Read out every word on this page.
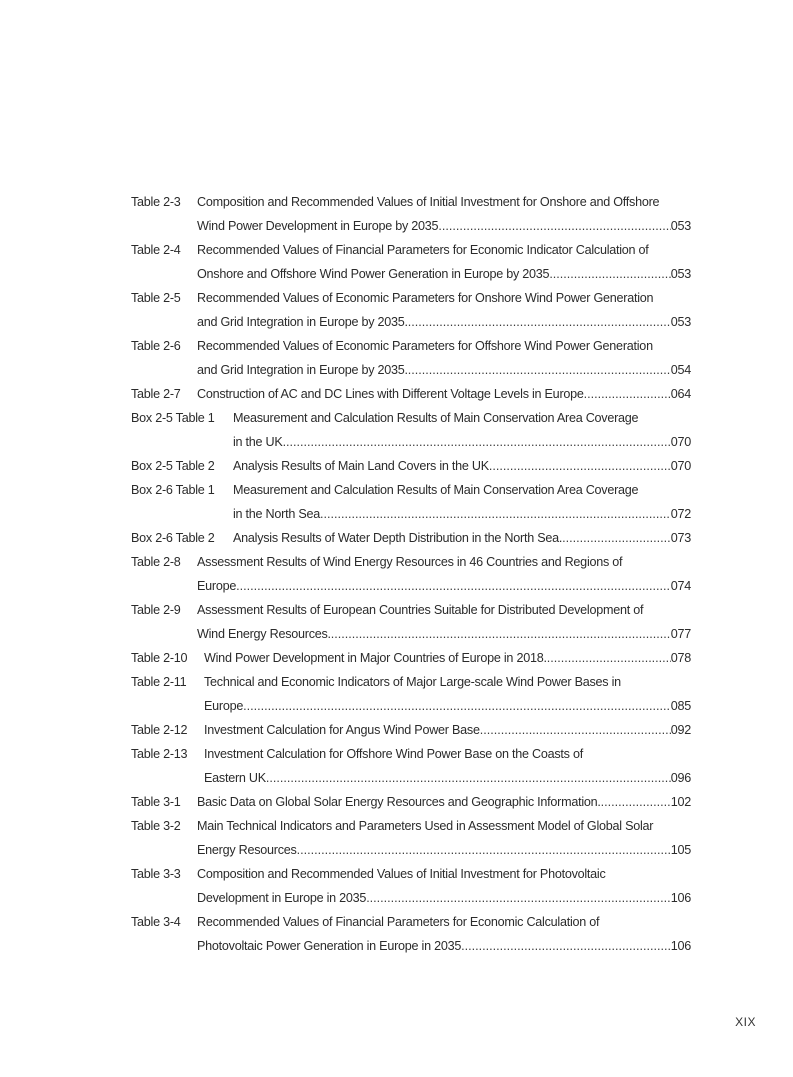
Table 2-3	Composition and Recommended Values of Initial Investment for Onshore and Offshore
Wind Power Development in Europe by 2035 .....	053
Table 2-4	Recommended Values of Financial Parameters for Economic Indicator Calculation of
Onshore and Offshore Wind Power Generation in Europe by 2035 .....	053
Table 2-5	Recommended Values of Economic Parameters for Onshore Wind Power Generation
and Grid Integration in Europe by 2035. .....	053
Table 2-6	Recommended Values of Economic Parameters for Offshore Wind Power Generation
and Grid Integration in Europe by 2035. .....	054
Table 2-7	Construction of AC and DC Lines with Different Voltage Levels in Europe .....	064
Box 2-5 Table 1	Measurement and Calculation Results of Main Conservation Area Coverage
in the UK .....	070
Box 2-5 Table 2	Analysis Results of Main Land Covers in the UK .....	070
Box 2-6 Table 1	Measurement and Calculation Results of Main Conservation Area Coverage
in the North Sea .....	072
Box 2-6 Table 2	Analysis Results of Water Depth Distribution in the North Sea. .....	073
Table 2-8	Assessment Results of Wind Energy Resources in 46 Countries and Regions of
Europe .....	074
Table 2-9	Assessment Results of European Countries Suitable for Distributed Development of
Wind Energy Resources. .....	077
Table 2-10	Wind Power Development in Major Countries of Europe in 2018. .....	078
Table 2-11	Technical and Economic Indicators of Major Large-scale Wind Power Bases in
Europe .....	085
Table 2-12	Investment Calculation for Angus Wind Power Base .....	092
Table 2-13	Investment Calculation for Offshore Wind Power Base on the Coasts of
Eastern UK .....	096
Table 3-1	Basic Data on Global Solar Energy Resources and Geographic Information. .....	102
Table 3-2	Main Technical Indicators and Parameters Used in Assessment Model of Global Solar
Energy Resources .....	105
Table 3-3	Composition and Recommended Values of Initial Investment for Photovoltaic
Development in Europe in 2035 .....	106
Table 3-4	Recommended Values of Financial Parameters for Economic Calculation of
Photovoltaic Power Generation in Europe in 2035 .....	106
XIX
